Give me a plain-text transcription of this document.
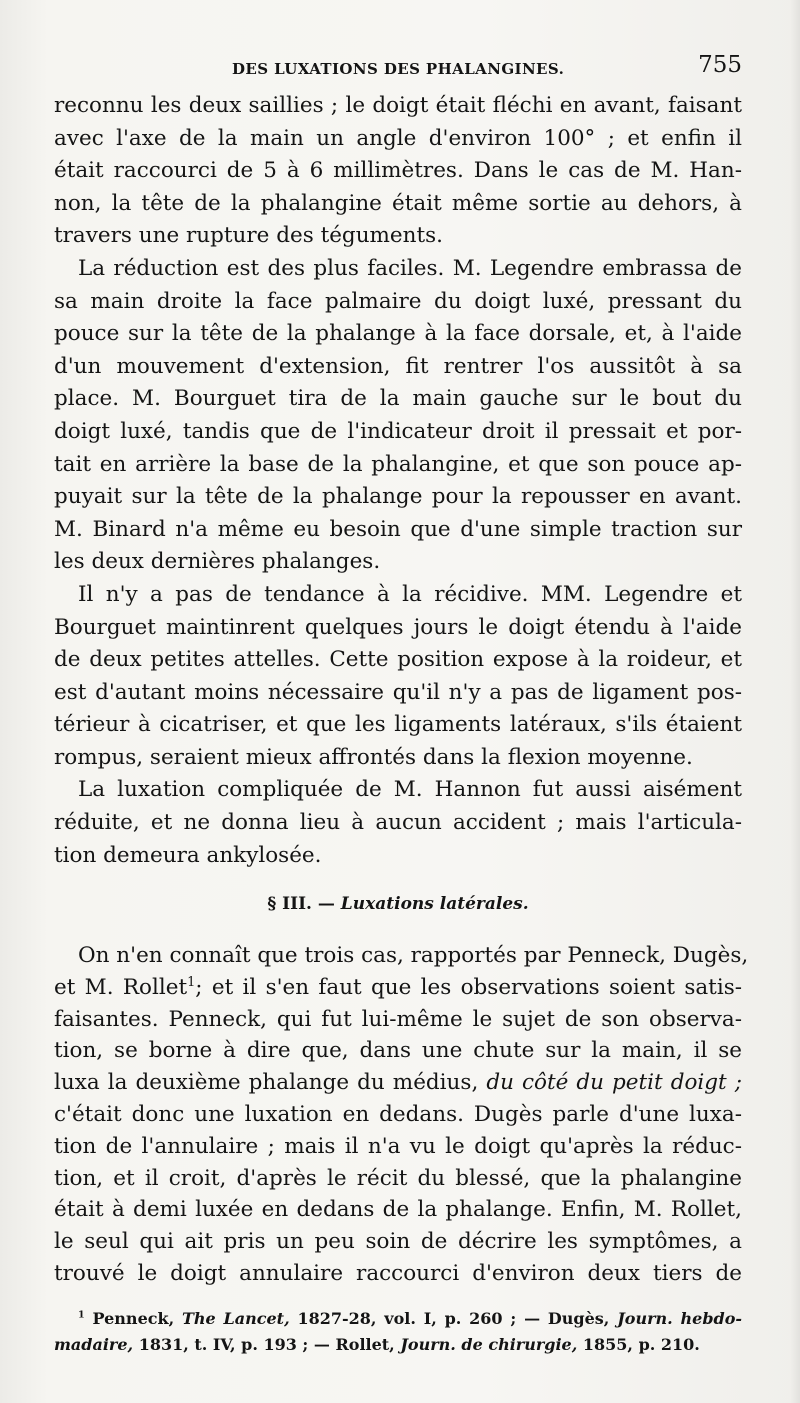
DES LUXATIONS DES PHALANGINES.	755
reconnu les deux saillies ; le doigt était fléchi en avant, faisant
avec l'axe de la main un angle d'environ 100° ; et enfin il
était raccourci de 5 à 6 millimètres. Dans le cas de M. Han-
non, la tête de la phalangine était même sortie au dehors, à
travers une rupture des téguments.
La réduction est des plus faciles. M. Legendre embrassa de
sa main droite la face palmaire du doigt luxé, pressant du
pouce sur la tête de la phalange à la face dorsale, et, à l'aide
d'un mouvement d'extension, fit rentrer l'os aussitôt à sa
place. M. Bourguet tira de la main gauche sur le bout du
doigt luxé, tandis que de l'indicateur droit il pressait et por-
tait en arrière la base de la phalangine, et que son pouce ap-
puyait sur la tête de la phalange pour la repousser en avant.
M. Binard n'a même eu besoin que d'une simple traction sur
les deux dernières phalanges.
Il n'y a pas de tendance à la récidive. MM. Legendre et
Bourguet maintinrent quelques jours le doigt étendu à l'aide
de deux petites attelles. Cette position expose à la roideur, et
est d'autant moins nécessaire qu'il n'y a pas de ligament pos-
térieur à cicatriser, et que les ligaments latéraux, s'ils étaient
rompus, seraient mieux affrontés dans la flexion moyenne.
La luxation compliquée de M. Hannon fut aussi aisément
réduite, et ne donna lieu à aucun accident ; mais l'articula-
tion demeura ankylosée.
§ III. — Luxations latérales.
On n'en connaît que trois cas, rapportés par Penneck, Dugès,
et M. Rollet$^1$; et il s'en faut que les observations soient satis-
faisantes. Penneck, qui fut lui-même le sujet de son observa-
tion, se borne à dire que, dans une chute sur la main, il se
luxa la deuxième phalange du médius, du côté du petit doigt ;
c'était donc une luxation en dedans. Dugès parle d'une luxa-
tion de l'annulaire ; mais il n'a vu le doigt qu'après la réduc-
tion, et il croit, d'après le récit du blessé, que la phalangine
était à demi luxée en dedans de la phalange. Enfin, M. Rollet,
le seul qui ait pris un peu soin de décrire les symptômes, a
trouvé le doigt annulaire raccourci d'environ deux tiers de
$^1$ Penneck, The Lancet, 1827-28, vol. I, p. 260 ; — Dugès, Journ. hebdo-
madaire, 1831, t. IV, p. 193 ; — Rollet, Journ. de chirurgie, 1855, p. 210.
